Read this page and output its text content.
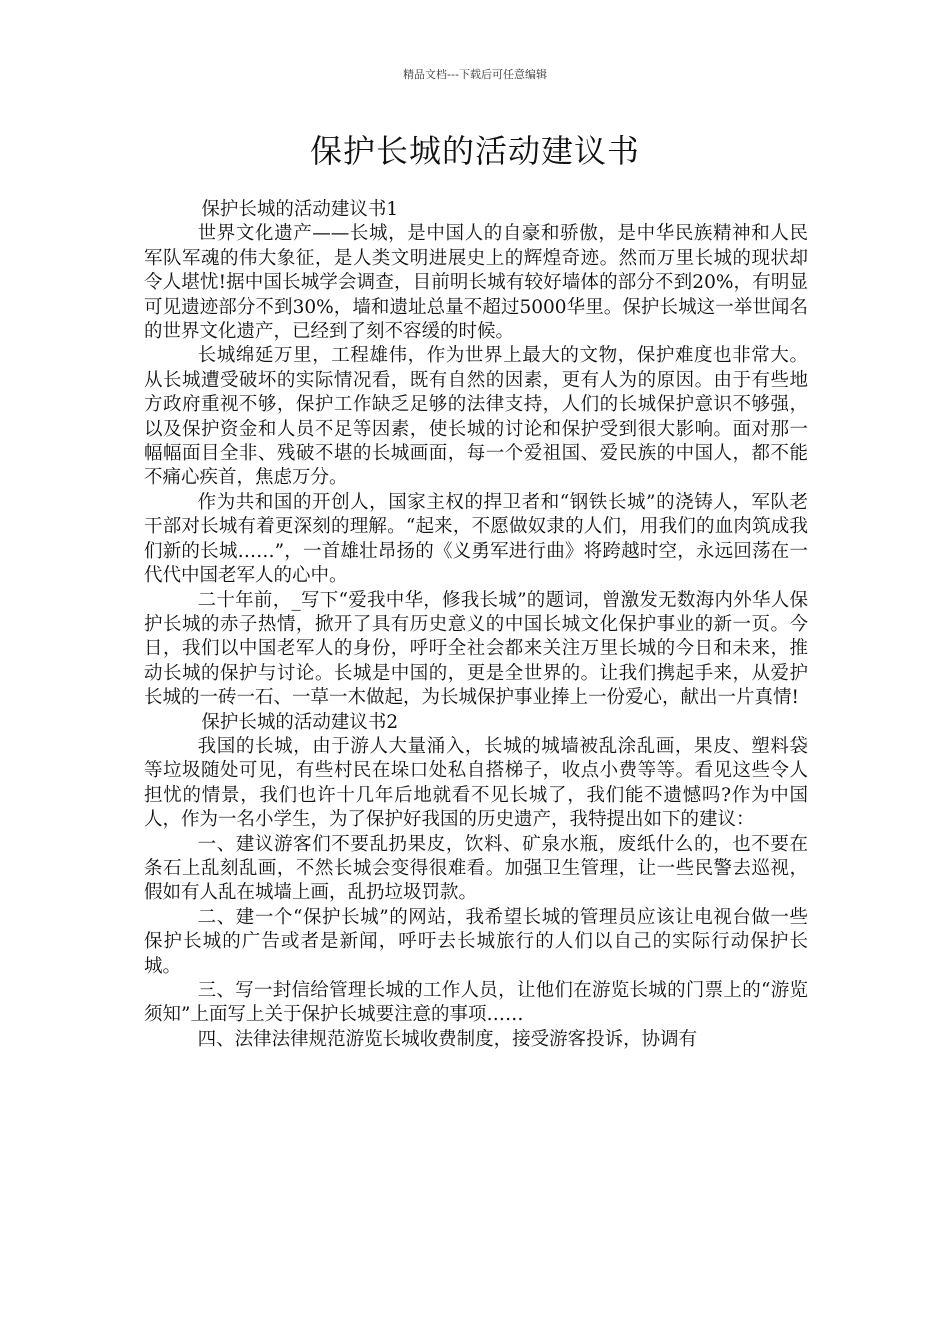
精品文档---下载后可任意编辑
保护长城的活动建议书

保护长城的活动建议书1

世界文化遗产——长城，是中国人的自豪和骄傲，是中华民族精神和人民军队军魂的伟大象征，是人类文明进展史上的辉煌奇迹。然而万里长城的现状却令人堪忧!据中国长城学会调查，目前明长城有较好墙体的部分不到20%，有明显可见遗迹部分不到30%，墙和遗址总量不超过5000华里。保护长城这一举世闻名的世界文化遗产，已经到了刻不容缓的时候。

长城绵延万里，工程雄伟，作为世界上最大的文物，保护难度也非常大。从长城遭受破坏的实际情况看，既有自然的因素，更有人为的原因。由于有些地方政府重视不够，保护工作缺乏足够的法律支持，人们的长城保护意识不够强，以及保护资金和人员不足等因素，使长城的讨论和保护受到很大影响。面对那一幅幅面目全非、残破不堪的长城画面，每一个爱祖国、爱民族的中国人，都不能不痛心疾首，焦虑万分。

作为共和国的开创人，国家主权的捍卫者和“钢铁长城”的浇铸人，军队老干部对长城有着更深刻的理解。“起来，不愿做奴隶的人们，用我们的血肉筑成我们新的长城……”，一首雄壮昂扬的《义勇军进行曲》将跨越时空，永远回荡在一代代中国老军人的心中。

二十年前，_写下“爱我中华，修我长城”的题词，曾激发无数海内外华人保护长城的赤子热情，掀开了具有历史意义的中国长城文化保护事业的新一页。今日，我们以中国老军人的身份，呼吁全社会都来关注万里长城的今日和未来，推动长城的保护与讨论。长城是中国的，更是全世界的。让我们携起手来，从爱护长城的一砖一石、一草一木做起，为长城保护事业捧上一份爱心，献出一片真情!

保护长城的活动建议书2

我国的长城，由于游人大量涌入，长城的城墙被乱涂乱画，果皮、塑料袋等垃圾随处可见，有些村民在垛口处私自搭梯子，收点小费等等。看见这些令人担忧的情景，我们也许十几年后地就看不见长城了，我们能不遗憾吗?作为中国人，作为一名小学生，为了保护好我国的历史遗产，我特提出如下的建议：

一、建议游客们不要乱扔果皮，饮料、矿泉水瓶，废纸什么的，也不要在条石上乱刻乱画，不然长城会变得很难看。加强卫生管理，让一些民警去巡视，假如有人乱在城墙上画，乱扔垃圾罚款。

二、建一个“保护长城”的网站，我希望长城的管理员应该让电视台做一些保护长城的广告或者是新闻，呼吁去长城旅行的人们以自己的实际行动保护长城。

三、写一封信给管理长城的工作人员，让他们在游览长城的门票上的“游览须知”上面写上关于保护长城要注意的事项……

四、法律法律规范游览长城收费制度，接受游客投诉，协调有
